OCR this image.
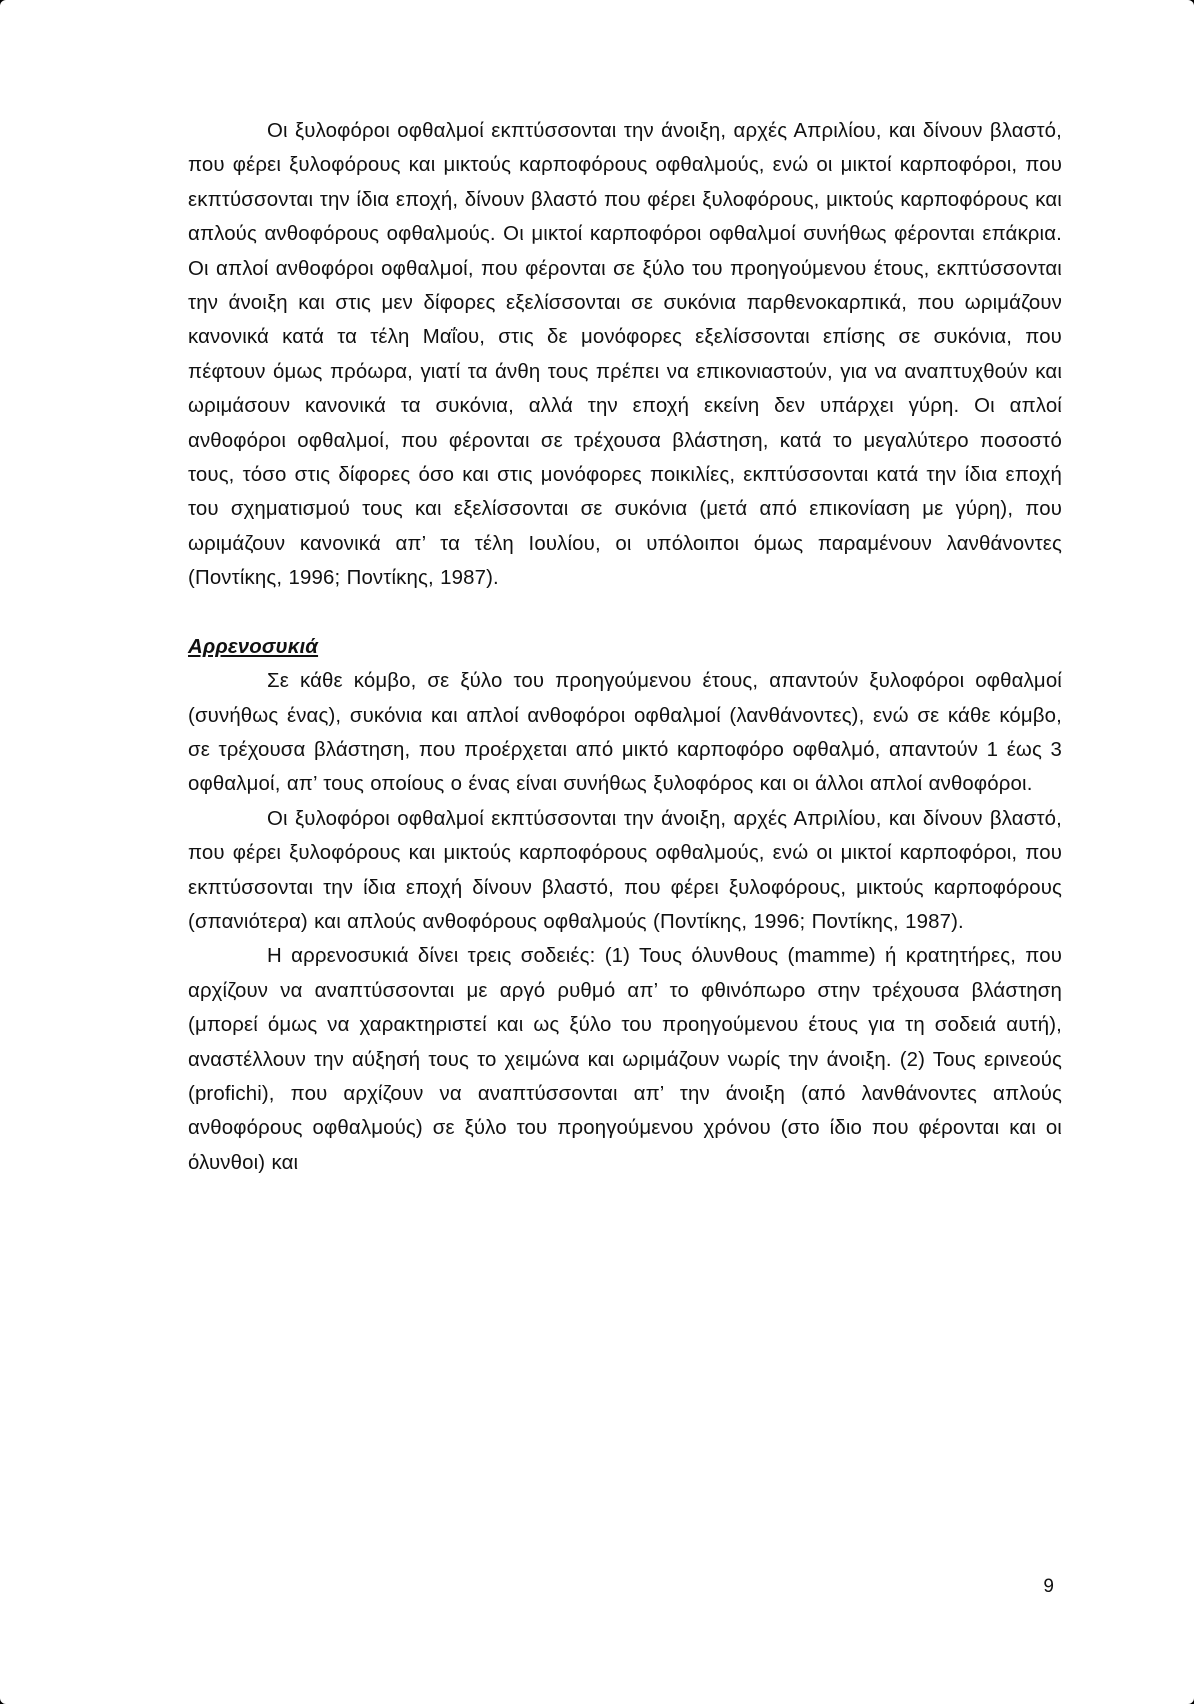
Οι ξυλοφόροι οφθαλμοί εκπτύσσονται την άνοιξη, αρχές Απριλίου, και δίνουν βλαστό, που φέρει ξυλοφόρους και μικτούς καρποφόρους οφθαλμούς, ενώ οι μικτοί καρποφόροι, που εκπτύσσονται την ίδια εποχή, δίνουν βλαστό που φέρει ξυλοφόρους, μικτούς καρποφόρους και απλούς ανθοφόρους οφθαλμούς. Οι μικτοί καρποφόροι οφθαλμοί συνήθως φέρονται επάκρια. Οι απλοί ανθοφόροι οφθαλμοί, που φέρονται σε ξύλο του προηγούμενου έτους, εκπτύσσονται την άνοιξη και στις μεν δίφορες εξελίσσονται σε συκόνια παρθενοκαρπικά, που ωριμάζουν κανονικά κατά τα τέλη Μαΐου, στις δε μονόφορες εξελίσσονται επίσης σε συκόνια, που πέφτουν όμως πρόωρα, γιατί τα άνθη τους πρέπει να επικονιαστούν, για να αναπτυχθούν και ωριμάσουν κανονικά τα συκόνια, αλλά την εποχή εκείνη δεν υπάρχει γύρη. Οι απλοί ανθοφόροι οφθαλμοί, που φέρονται σε τρέχουσα βλάστηση, κατά το μεγαλύτερο ποσοστό τους, τόσο στις δίφορες όσο και στις μονόφορες ποικιλίες, εκπτύσσονται κατά την ίδια εποχή του σχηματισμού τους και εξελίσσονται σε συκόνια (μετά από επικονίαση με γύρη), που ωριμάζουν κανονικά απ’ τα τέλη Ιουλίου, οι υπόλοιποι όμως παραμένουν λανθάνοντες (Ποντίκης, 1996; Ποντίκης, 1987).

Αρρενοσυκιά

Σε κάθε κόμβο, σε ξύλο του προηγούμενου έτους, απαντούν ξυλοφόροι οφθαλμοί (συνήθως ένας), συκόνια και απλοί ανθοφόροι οφθαλμοί (λανθάνοντες), ενώ σε κάθε κόμβο, σε τρέχουσα βλάστηση, που προέρχεται από μικτό καρποφόρο οφθαλμό, απαντούν 1 έως 3 οφθαλμοί, απ’ τους οποίους ο ένας είναι συνήθως ξυλοφόρος και οι άλλοι απλοί ανθοφόροι.

Οι ξυλοφόροι οφθαλμοί εκπτύσσονται την άνοιξη, αρχές Απριλίου, και δίνουν βλαστό, που φέρει ξυλοφόρους και μικτούς καρποφόρους οφθαλμούς, ενώ οι μικτοί καρποφόροι, που εκπτύσσονται την ίδια εποχή δίνουν βλαστό, που φέρει ξυλοφόρους, μικτούς καρποφόρους (σπανιότερα) και απλούς ανθοφόρους οφθαλμούς (Ποντίκης, 1996; Ποντίκης, 1987).

Η αρρενοσυκιά δίνει τρεις σοδειές: (1) Τους όλυνθους (mamme) ή κρατητήρες, που αρχίζουν να αναπτύσσονται με αργό ρυθμό απ’ το φθινόπωρο στην τρέχουσα βλάστηση (μπορεί όμως να χαρακτηριστεί και ως ξύλο του προηγούμενου έτους για τη σοδειά αυτή), αναστέλλουν την αύξησή τους το χειμώνα και ωριμάζουν νωρίς την άνοιξη. (2) Τους ερινεούς (profichi), που αρχίζουν να αναπτύσσονται απ’ την άνοιξη (από λανθάνοντες απλούς ανθοφόρους οφθαλμούς) σε ξύλο του προηγούμενου χρόνου (στο ίδιο που φέρονται και οι όλυνθοι) και

9
